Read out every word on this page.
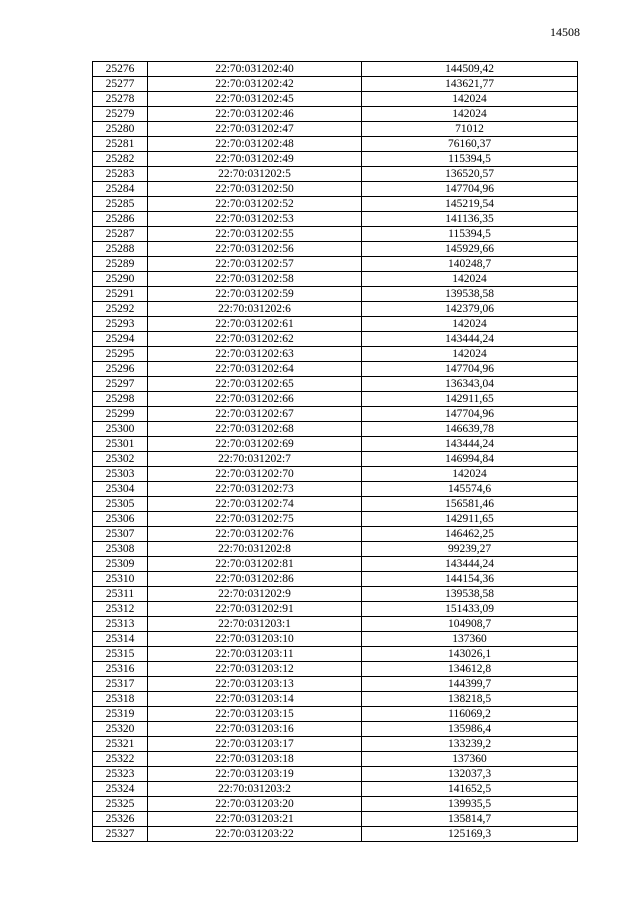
14508
25276	22:70:031202:40	144509,42
25277	22:70:031202:42	143621,77
25278	22:70:031202:45	142024
25279	22:70:031202:46	142024
25280	22:70:031202:47	71012
25281	22:70:031202:48	76160,37
25282	22:70:031202:49	115394,5
25283	22:70:031202:5	136520,57
25284	22:70:031202:50	147704,96
25285	22:70:031202:52	145219,54
25286	22:70:031202:53	141136,35
25287	22:70:031202:55	115394,5
25288	22:70:031202:56	145929,66
25289	22:70:031202:57	140248,7
25290	22:70:031202:58	142024
25291	22:70:031202:59	139538,58
25292	22:70:031202:6	142379,06
25293	22:70:031202:61	142024
25294	22:70:031202:62	143444,24
25295	22:70:031202:63	142024
25296	22:70:031202:64	147704,96
25297	22:70:031202:65	136343,04
25298	22:70:031202:66	142911,65
25299	22:70:031202:67	147704,96
25300	22:70:031202:68	146639,78
25301	22:70:031202:69	143444,24
25302	22:70:031202:7	146994,84
25303	22:70:031202:70	142024
25304	22:70:031202:73	145574,6
25305	22:70:031202:74	156581,46
25306	22:70:031202:75	142911,65
25307	22:70:031202:76	146462,25
25308	22:70:031202:8	99239,27
25309	22:70:031202:81	143444,24
25310	22:70:031202:86	144154,36
25311	22:70:031202:9	139538,58
25312	22:70:031202:91	151433,09
25313	22:70:031203:1	104908,7
25314	22:70:031203:10	137360
25315	22:70:031203:11	143026,1
25316	22:70:031203:12	134612,8
25317	22:70:031203:13	144399,7
25318	22:70:031203:14	138218,5
25319	22:70:031203:15	116069,2
25320	22:70:031203:16	135986,4
25321	22:70:031203:17	133239,2
25322	22:70:031203:18	137360
25323	22:70:031203:19	132037,3
25324	22:70:031203:2	141652,5
25325	22:70:031203:20	139935,5
25326	22:70:031203:21	135814,7
25327	22:70:031203:22	125169,3
